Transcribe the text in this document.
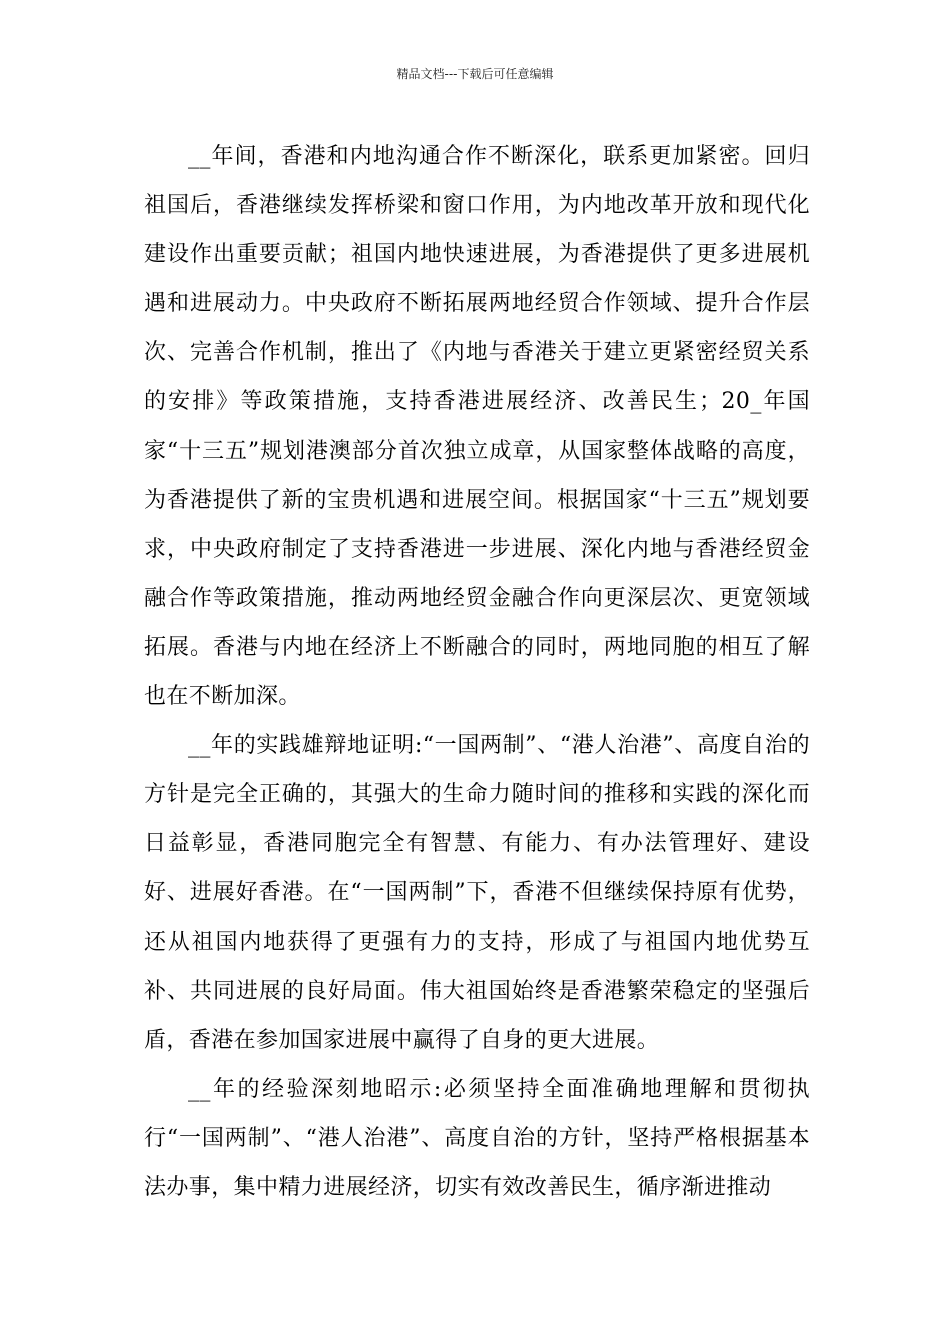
精品文档---下载后可任意编辑

__年间，香港和内地沟通合作不断深化，联系更加紧密。回归祖国后，香港继续发挥桥梁和窗口作用，为内地改革开放和现代化建设作出重要贡献；祖国内地快速进展，为香港提供了更多进展机遇和进展动力。中央政府不断拓展两地经贸合作领域、提升合作层次、完善合作机制，推出了《内地与香港关于建立更紧密经贸关系的安排》等政策措施，支持香港进展经济、改善民生；20_年国家“十三五”规划港澳部分首次独立成章，从国家整体战略的高度，为香港提供了新的宝贵机遇和进展空间。根据国家“十三五”规划要求，中央政府制定了支持香港进一步进展、深化内地与香港经贸金融合作等政策措施，推动两地经贸金融合作向更深层次、更宽领域拓展。香港与内地在经济上不断融合的同时，两地同胞的相互了解也在不断加深。

__年的实践雄辩地证明:“一国两制”、“港人治港”、高度自治的方针是完全正确的，其强大的生命力随时间的推移和实践的深化而日益彰显，香港同胞完全有智慧、有能力、有办法管理好、建设好、进展好香港。在“一国两制”下，香港不但继续保持原有优势，还从祖国内地获得了更强有力的支持，形成了与祖国内地优势互补、共同进展的良好局面。伟大祖国始终是香港繁荣稳定的坚强后盾，香港在参加国家进展中赢得了自身的更大进展。

__年的经验深刻地昭示:必须坚持全面准确地理解和贯彻执行“一国两制”、“港人治港”、高度自治的方针，坚持严格根据基本法办事，集中精力进展经济，切实有效改善民生，循序渐进推动
